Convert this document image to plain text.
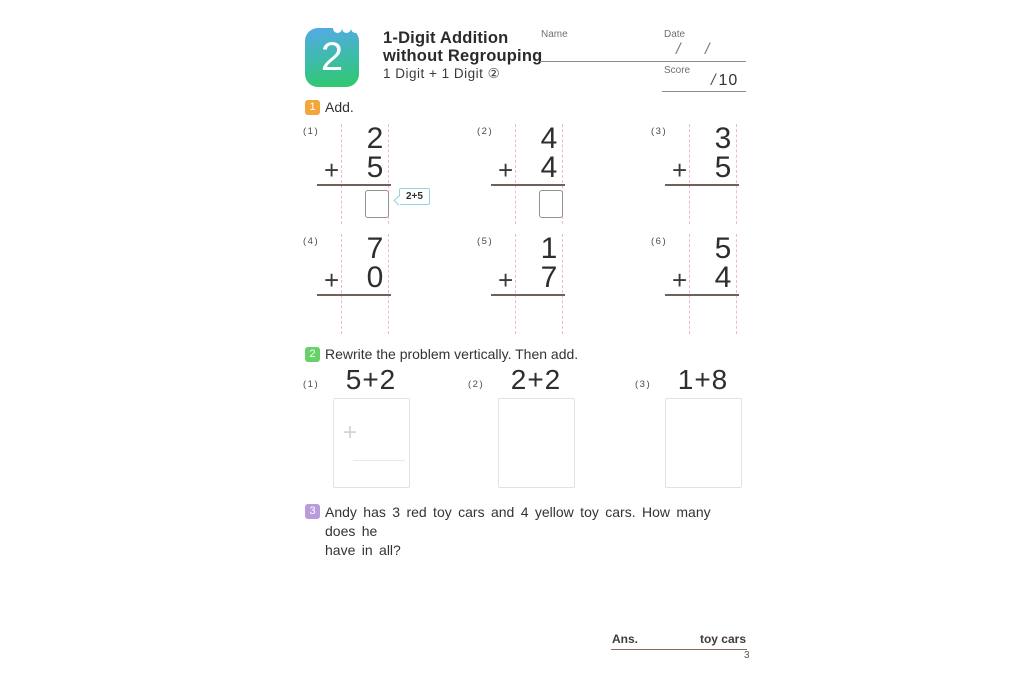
2	1-Digit Addition
without Regrouping
1 Digit + 1 Digit ②
Name	Date
/ /
Score
/ 10
1 Add.
(1)	2
+ 5
2+5
(2)	4
+ 4
(3)	3
+ 5
(4)	7
+ 0
(5)	1
+ 7
(6)	5
+ 4
2 Rewrite the problem vertically. Then add.
(1) 5+2
+
(2) 2+2	(3) 1+8
3 Andy has 3 red toy cars and 4 yellow toy cars. How many does he
have in all?
Ans.	toy cars
3
